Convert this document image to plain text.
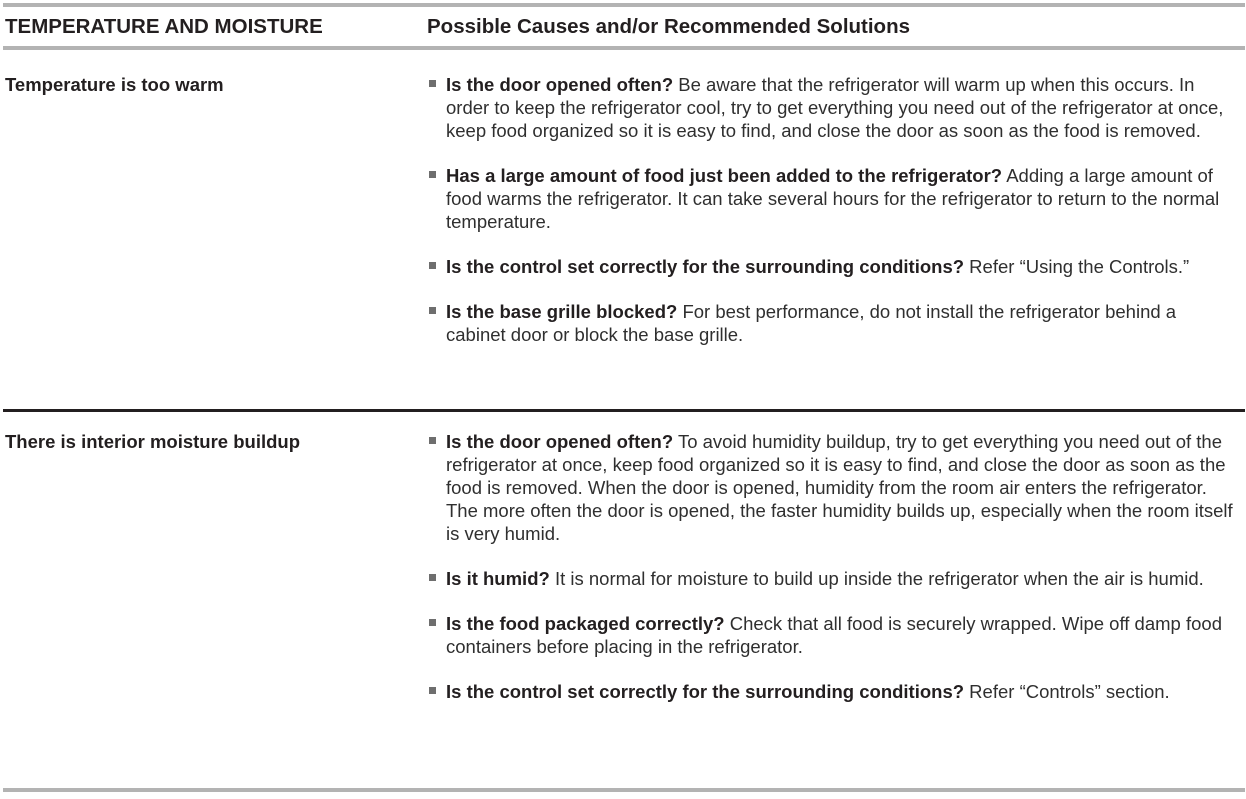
TEMPERATURE AND MOISTURE	Possible Causes and/or Recommended Solutions
Temperature is too warm	Is the door opened often? Be aware that the refrigerator will warm up when this occurs. In order to keep the refrigerator cool, try to get everything you need out of the refrigerator at once, keep food organized so it is easy to find, and close the door as soon as the food is removed.
Has a large amount of food just been added to the refrigerator? Adding a large amount of food warms the refrigerator. It can take several hours for the refrigerator to return to the normal temperature.
Is the control set correctly for the surrounding conditions? Refer “Using the Controls.”
Is the base grille blocked? For best performance, do not install the refrigerator behind a cabinet door or block the base grille.
There is interior moisture buildup	Is the door opened often? To avoid humidity buildup, try to get everything you need out of the refrigerator at once, keep food organized so it is easy to find, and close the door as soon as the food is removed. When the door is opened, humidity from the room air enters the refrigerator. The more often the door is opened, the faster humidity builds up, especially when the room itself is very humid.
Is it humid? It is normal for moisture to build up inside the refrigerator when the air is humid.
Is the food packaged correctly? Check that all food is securely wrapped. Wipe off damp food containers before placing in the refrigerator.
Is the control set correctly for the surrounding conditions? Refer “Controls” section.
